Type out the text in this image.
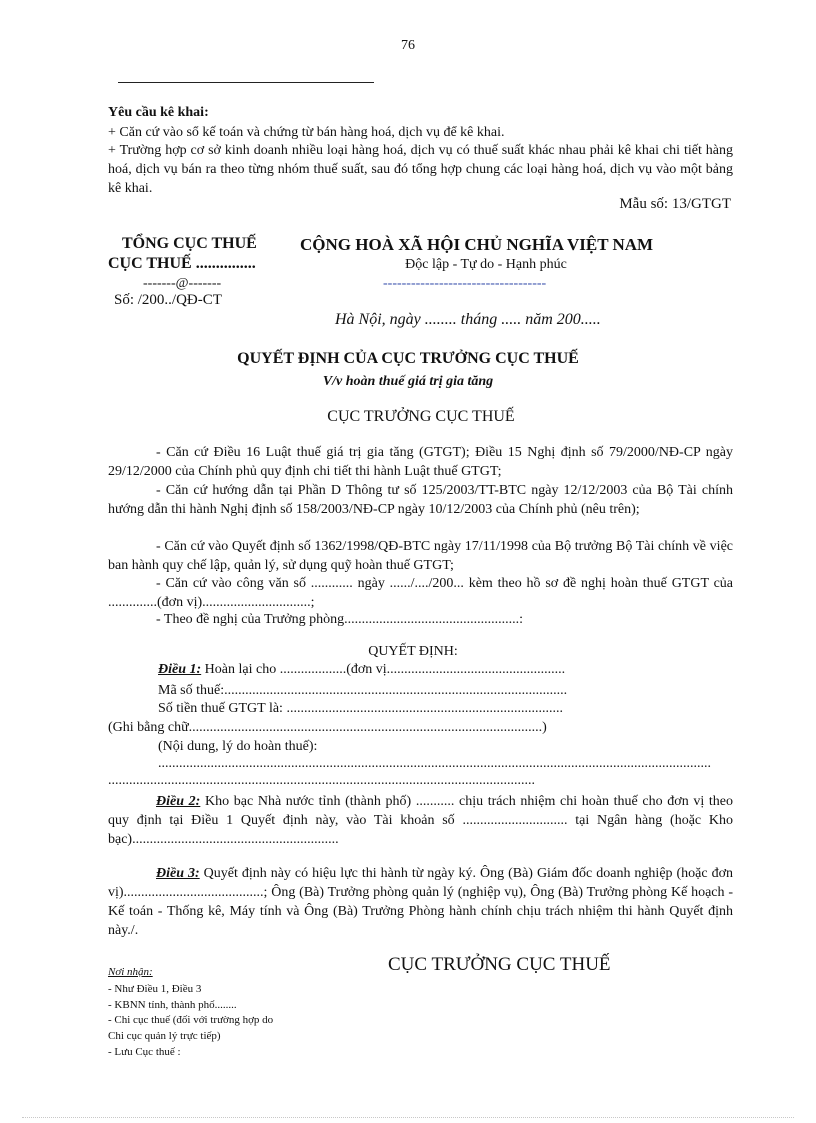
76
Yêu cầu kê khai:
+ Căn cứ vào sổ kế toán và chứng từ bán hàng hoá, dịch vụ để kê khai.
+ Trường hợp cơ sở kinh doanh nhiều loại hàng hoá, dịch vụ có thuế suất khác nhau phải kê khai chi tiết hàng hoá, dịch vụ bán ra theo từng nhóm thuế suất, sau đó tổng hợp chung các loại hàng hoá, dịch vụ vào một bảng kê khai.
Mẫu số: 13/GTGT
TỔNG CỤC THUẾ
CỤC THUẾ ...............
-------@-------
Số: /200../QĐ-CT
CỘNG HOÀ XÃ HỘI CHỦ NGHĨA VIỆT NAM
Độc lập - Tự do - Hạnh phúc
-----------------------------------
Hà Nội, ngày ........ tháng ..... năm 200.....
QUYẾT ĐỊNH CỦA CỤC TRƯỞNG CỤC THUẾ
V/v hoàn thuế giá trị gia tăng
CỤC TRƯỞNG CỤC THUẾ
- Căn cứ Điều 16 Luật thuế giá trị gia tăng (GTGT); Điều 15 Nghị định số 79/2000/NĐ-CP ngày 29/12/2000 của Chính phủ quy định chi tiết thi hành Luật thuế GTGT;
- Căn cứ hướng dẫn tại Phần D Thông tư số 125/2003/TT-BTC ngày 12/12/2003 của Bộ Tài chính hướng dẫn thi hành Nghị định số 158/2003/NĐ-CP ngày 10/12/2003 của Chính phủ (nêu trên);
- Căn cứ vào Quyết định số 1362/1998/QĐ-BTC ngày 17/11/1998 của Bộ trưởng Bộ Tài chính về việc ban hành quy chế lập, quản lý, sử dụng quỹ hoàn thuế GTGT;
- Căn cứ vào công văn số ............ ngày ....../..../200... kèm theo hồ sơ đề nghị hoàn thuế GTGT của ..............(đơn vị)...............................;
- Theo đề nghị của Trưởng phòng..................................................:
QUYẾT ĐỊNH:
Điều 1: Hoàn lại cho ...................(đơn vị...................................................
Mã số thuế:..................................................................................................
Số tiền thuế GTGT là: ...............................................................................
(Ghi bằng chữ.....................................................................................................)
(Nội dung, lý do hoàn thuế):
..............................................................................................................................................................
..........................................................................................................................
Điều 2: Kho bạc Nhà nước tỉnh (thành phố) ........... chịu trách nhiệm chi hoàn thuế cho đơn vị theo quy định tại Điều 1 Quyết định này, vào Tài khoản số .............................. tại Ngân hàng (hoặc Kho bạc)...........................................................
Điều 3: Quyết định này có hiệu lực thi hành từ ngày ký. Ông (Bà) Giám đốc doanh nghiệp (hoặc đơn vị)........................................; Ông (Bà) Trưởng phòng quản lý (nghiệp vụ), Ông (Bà) Trưởng phòng Kế hoạch - Kế toán - Thống kê, Máy tính và Ông (Bà) Trưởng Phòng hành chính chịu trách nhiệm thi hành Quyết định này./.
CỤC TRƯỞNG CỤC THUẾ
Nơi nhận:
- Như Điều 1, Điều 3
- KBNN tỉnh, thành phố........
- Chi cục thuế (đối với trường hợp do
Chi cục quản lý trực tiếp)
- Lưu Cục thuế :
